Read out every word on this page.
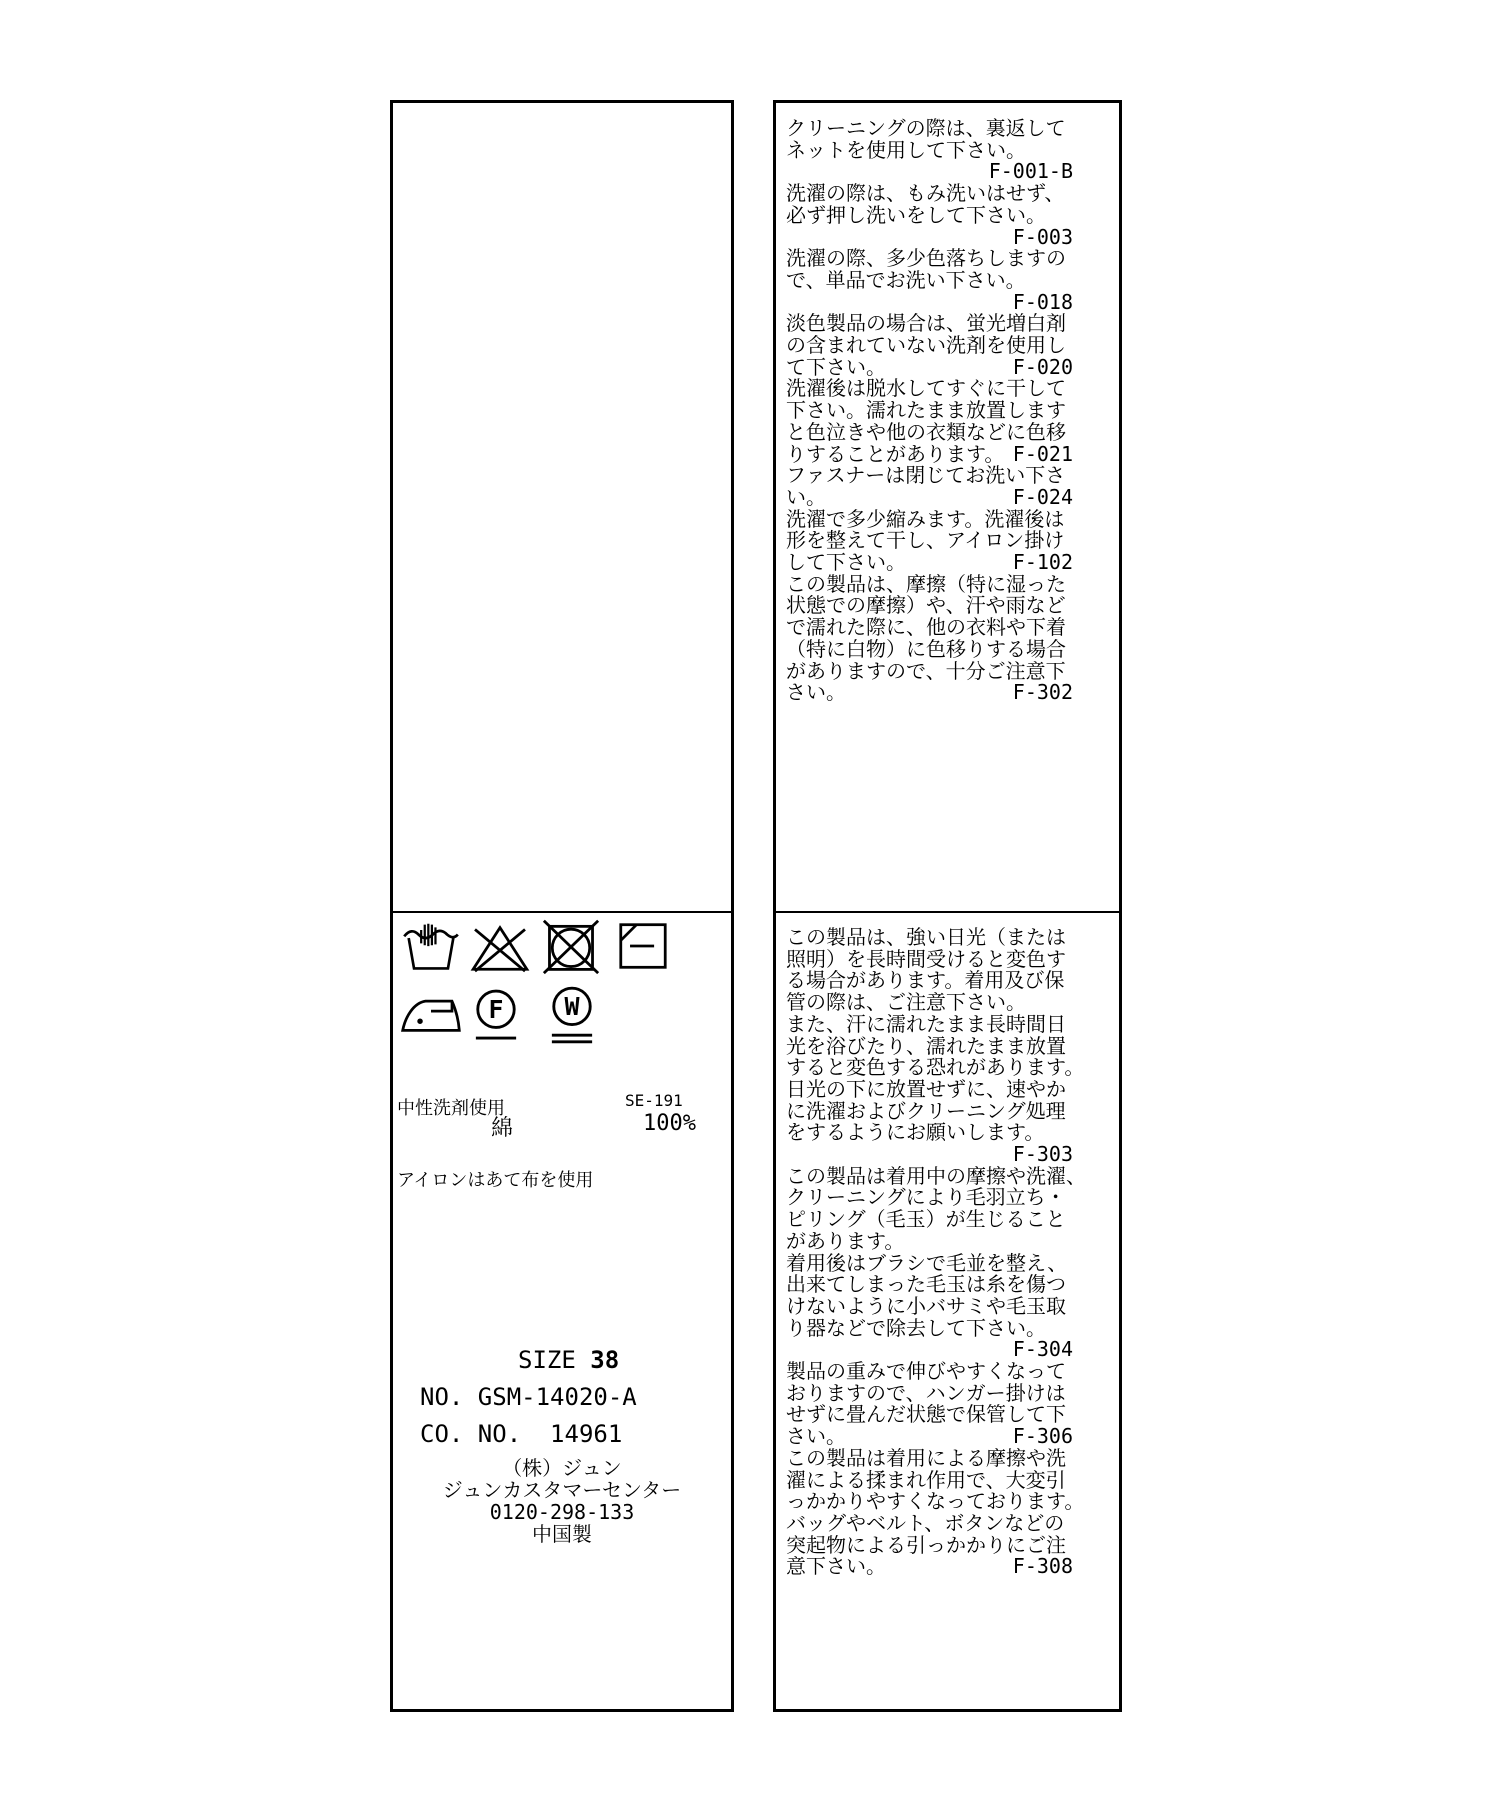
F W

中性洗剤使用

アイロンはあて布を使用

SE-191
綿	100%
SIZE 38
NO. GSM-14020-A
CO. NO.  14961
（株）ジュン
ジュンカスタマーセンター
0120-298-133
中国製
クリーニングの際は、裏返して
ネットを使用して下さい。
F-001-B
洗濯の際は、もみ洗いはせず、
必ず押し洗いをして下さい。
F-003
洗濯の際、多少色落ちしますの
で、単品でお洗い下さい。
F-018
淡色製品の場合は、蛍光増白剤
の含まれていない洗剤を使用し
て下さい。	F-020
洗濯後は脱水してすぐに干して
下さい。濡れたまま放置します
と色泣きや他の衣類などに色移
りすることがあります。 F-021
ファスナーは閉じてお洗い下さ
い。	F-024
洗濯で多少縮みます。洗濯後は
形を整えて干し、アイロン掛け
して下さい。	F-102
この製品は、摩擦（特に湿った
状態での摩擦）や、汗や雨など
で濡れた際に、他の衣料や下着
（特に白物）に色移りする場合
がありますので、十分ご注意下
さい。	F-302
この製品は、強い日光（または
照明）を長時間受けると変色す
る場合があります。着用及び保
管の際は、ご注意下さい。
また、汗に濡れたまま長時間日
光を浴びたり、濡れたまま放置
すると変色する恐れがあります。
日光の下に放置せずに、速やか
に洗濯およびクリーニング処理
をするようにお願いします。
F-303
この製品は着用中の摩擦や洗濯、
クリーニングにより毛羽立ち・
ピリング（毛玉）が生じること
があります。
着用後はブラシで毛並を整え、
出来てしまった毛玉は糸を傷つ
けないように小バサミや毛玉取
り器などで除去して下さい。
F-304
製品の重みで伸びやすくなって
おりますので、ハンガー掛けは
せずに畳んだ状態で保管して下
さい。	F-306
この製品は着用による摩擦や洗
濯による揉まれ作用で、大変引
っかかりやすくなっております。
バッグやベルト、ボタンなどの
突起物による引っかかりにご注
意下さい。	F-308
